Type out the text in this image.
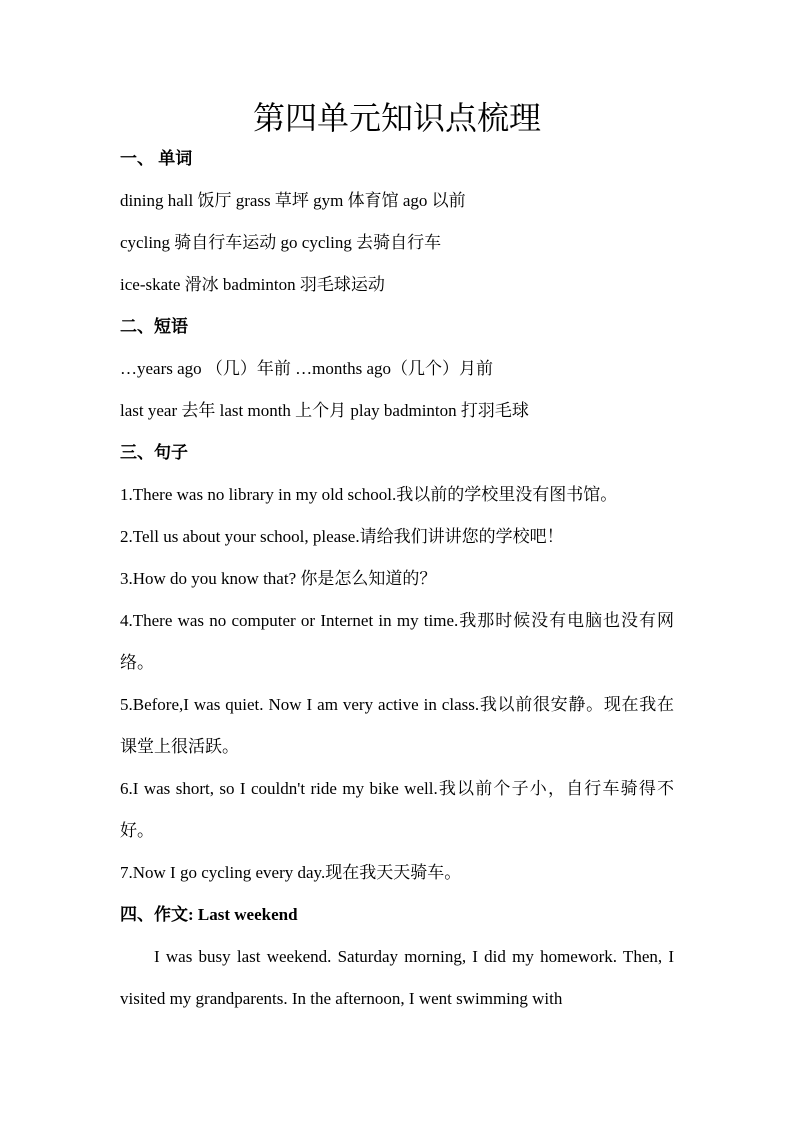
第四单元知识点梳理
一、 单词
dining hall 饭厅 grass 草坪 gym 体育馆 ago 以前
cycling 骑自行车运动 go cycling 去骑自行车
ice-skate 滑冰 badminton 羽毛球运动
二、短语
…years ago （几）年前 …months ago（几个）月前
last year 去年 last month 上个月 play badminton 打羽毛球
三、句子
1.There was no library in my old school.我以前的学校里没有图书馆。
2.Tell us about your school, please.请给我们讲讲您的学校吧！
3.How do you know that? 你是怎么知道的？
4.There was no computer or Internet in my time.我那时候没有电脑也没有网络。
5.Before,I was quiet. Now I am very active in class.我以前很安静。现在我在课堂上很活跃。
6.I was short, so I couldn't ride my bike well.我以前个子小，自行车骑得不好。
7.Now I go cycling every day.现在我天天骑车。
四、作文: Last weekend
I was busy last weekend. Saturday morning, I did my homework. Then, I visited my grandparents. In the afternoon, I went swimming with
